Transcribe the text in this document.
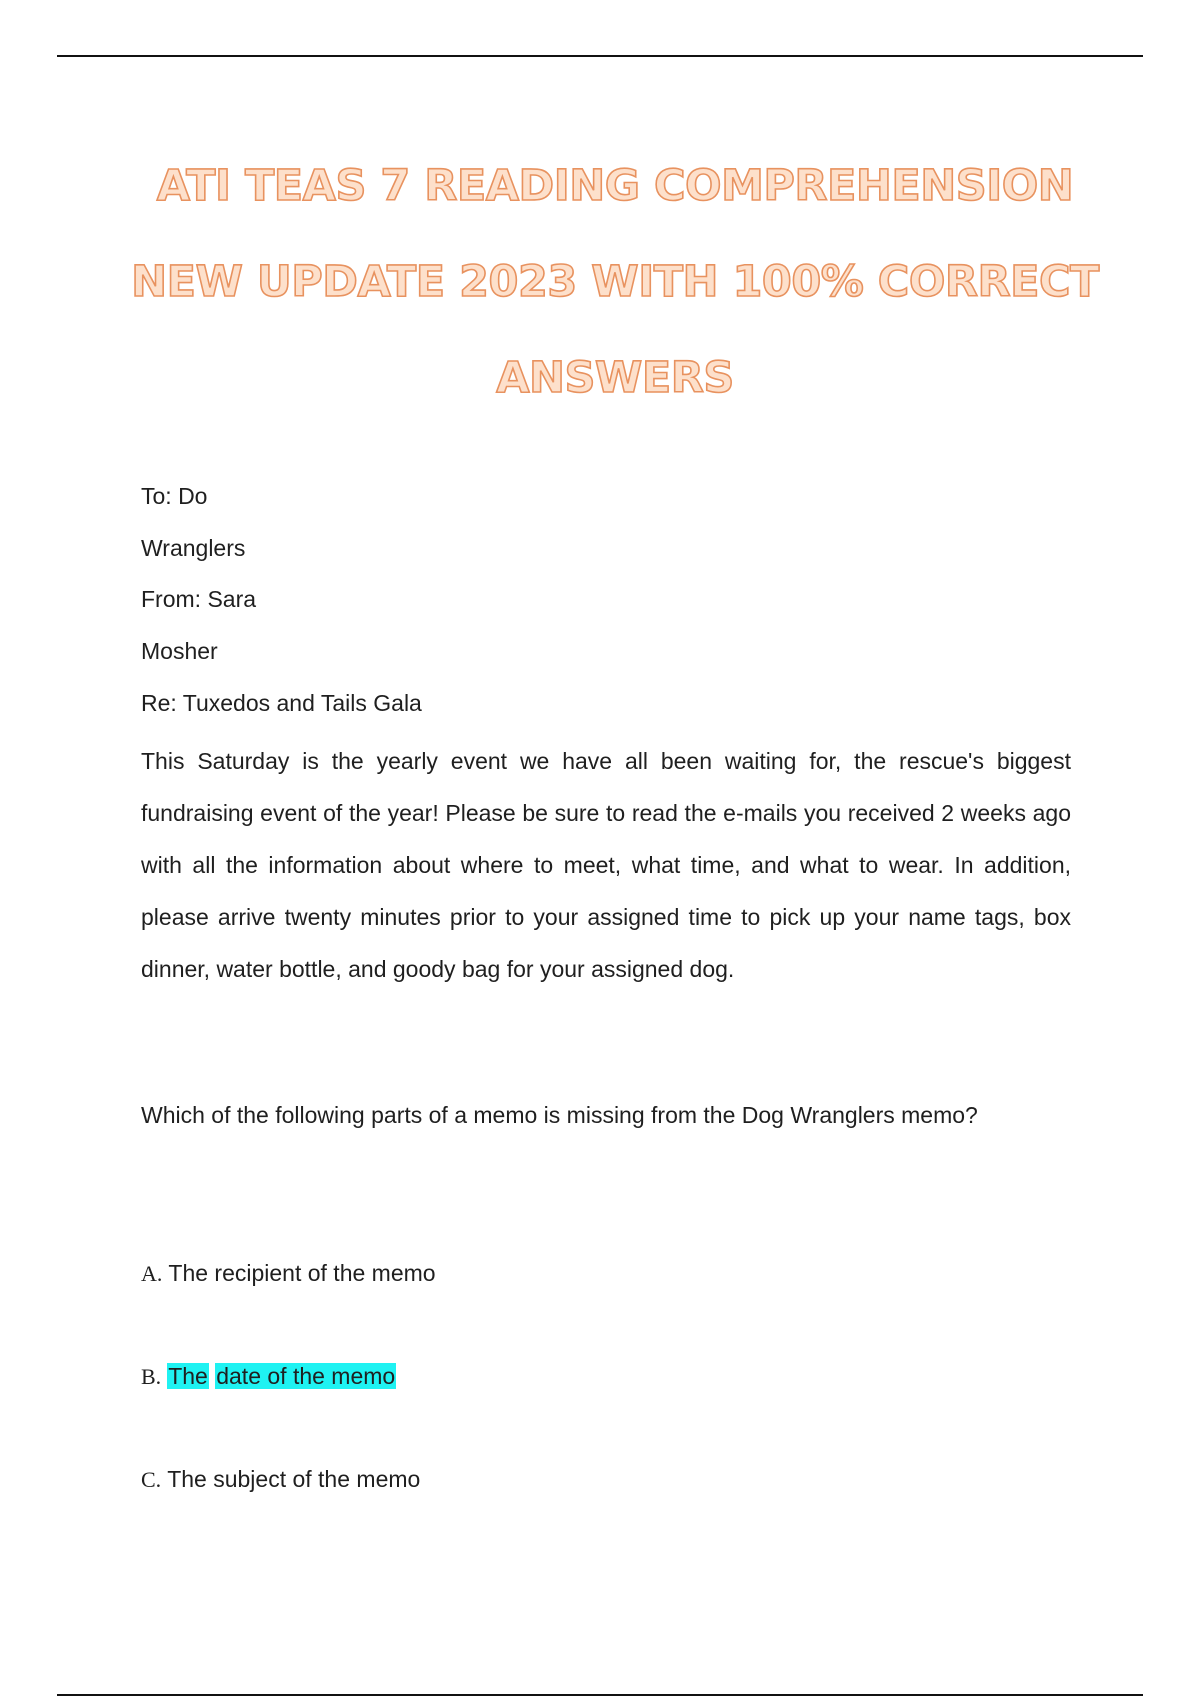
ATI TEAS 7 READING COMPREHENSION NEW UPDATE 2023 WITH 100% CORRECT ANSWERS
To: Do
Wranglers
From: Sara
Mosher
Re: Tuxedos and Tails Gala

This Saturday is the yearly event we have all been waiting for, the rescue's biggest fundraising event of the year! Please be sure to read the e-mails you received 2 weeks ago with all the information about where to meet, what time, and what to wear. In addition, please arrive twenty minutes prior to your assigned time to pick up your name tags, box dinner, water bottle, and goody bag for your assigned dog.

Which of the following parts of a memo is missing from the Dog Wranglers memo?

A. The recipient of the memo
B. The date of the memo
C. The subject of the memo
